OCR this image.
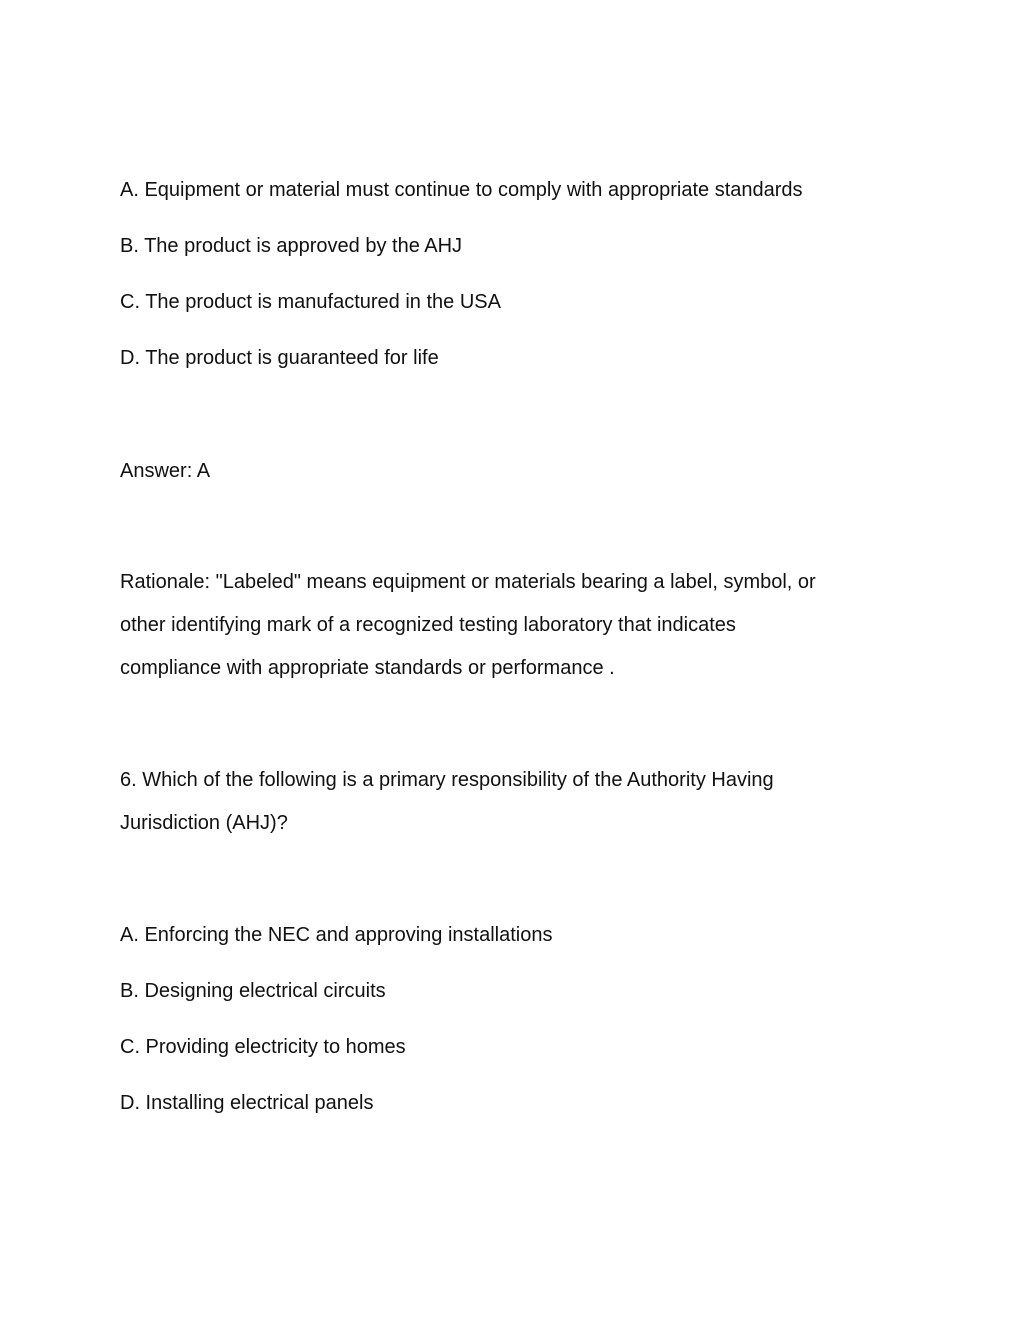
A. Equipment or material must continue to comply with appropriate standards
B. The product is approved by the AHJ
C. The product is manufactured in the USA
D. The product is guaranteed for life
Answer: A
Rationale: "Labeled" means equipment or materials bearing a label, symbol, or
other identifying mark of a recognized testing laboratory that indicates
compliance with appropriate standards or performance .
6. Which of the following is a primary responsibility of the Authority Having
Jurisdiction (AHJ)?
A. Enforcing the NEC and approving installations
B. Designing electrical circuits
C. Providing electricity to homes
D. Installing electrical panels
